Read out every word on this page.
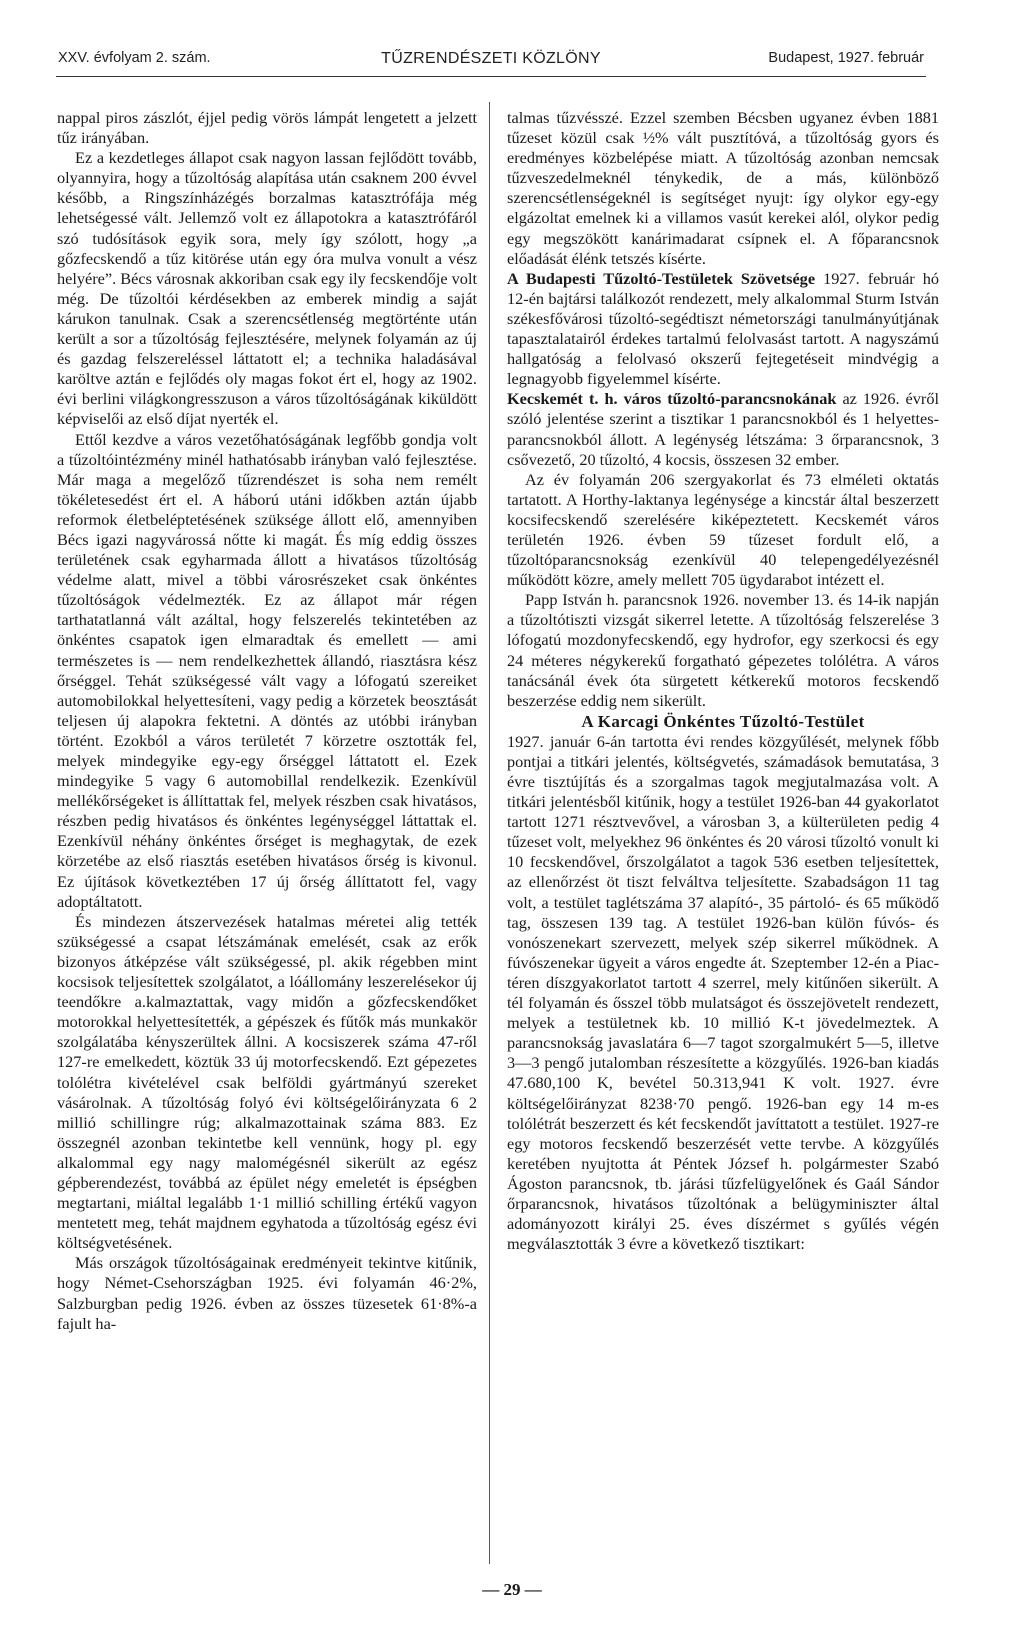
XXV. évfolyam 2. szám.	TŰZRENDÉSZETI KÖZLÖNY	Budapest, 1927. február

nappal piros zászlót, éjjel pedig vörös lámpát lengetett a jelzett tűz irányában.

Ez a kezdetleges állapot csak nagyon lassan fejlődött tovább, olyannyira, hogy a tűzoltóság alapítása után csaknem 200 évvel később, a Ringszínházégés borzalmas katasztrófája még lehetségessé vált. Jellemző volt ez állapotokra a katasztrófáról szó tudósítások egyik sora, mely így szólott, hogy „a gőzfecskendő a tűz kitörése után egy óra mulva vonult a vész helyére”. Bécs városnak akkoriban csak egy ily fecskendője volt még. De tűzoltói kérdésekben az emberek mindig a saját kárukon tanulnak. Csak a szerencsétlenség megtörténte után került a sor a tűzoltóság fejlesztésére, melynek folyamán az új és gazdag felszereléssel láttatott el; a technika haladásával karöltve aztán e fejlődés oly magas fokot ért el, hogy az 1902. évi berlini világkongresszuson a város tűzoltóságának kiküldött képviselői az első díjat nyerték el.

Ettől kezdve a város vezetőhatóságának legfőbb gondja volt a tűzoltóintézmény minél hathatósabb irányban való fejlesztése. Már maga a megelőző tűzrendészet is soha nem remélt tökéletesedést ért el. A háború utáni időkben aztán újabb reformok életbeléptetésének szüksége állott elő, amennyiben Bécs igazi nagyvárossá nőtte ki magát. És míg eddig összes területének csak egyharmada állott a hivatásos tűzoltóság védelme alatt, mivel a többi városrészeket csak önkéntes tűzoltóságok védelmezték. Ez az állapot már régen tarthatatlanná vált azáltal, hogy felszerelés tekintetében az önkéntes csapatok igen elmaradtak és emellett — ami természetes is — nem rendelkezhettek állandó, riasztásra kész őrséggel. Tehát szükségessé vált vagy a lófogatú szereiket automobilokkal helyettesíteni, vagy pedig a körzetek beosztását teljesen új alapokra fektetni. A döntés az utóbbi irányban történt. Ezokból a város területét 7 körzetre osztották fel, melyek mindegyike egy-egy őrséggel láttatott el. Ezek mindegyike 5 vagy 6 automobillal rendelkezik. Ezenkívül mellékőrségeket is állíttattak fel, melyek részben csak hivatásos, részben pedig hivatásos és önkéntes legénységgel láttattak el. Ezenkívül néhány önkéntes őrséget is meghagytak, de ezek körzetébe az első riasztás esetében hivatásos őrség is kivonul. Ez újítások következtében 17 új őrség állíttatott fel, vagy adoptáltatott.

És mindezen átszervezések hatalmas méretei alig tették szükségessé a csapat létszámának emelését, csak az erők bizonyos átképzése vált szükségessé, pl. akik régebben mint kocsisok teljesítettek szolgálatot, a lóállomány leszerelésekor új teendőkre a.kalmaztattak, vagy midőn a gőzfecskendőket motorokkal helyettesítették, a gépészek és fűtők más munkakör szolgálatába kényszerültek állni. A kocsiszerek száma 47-ről 127-re emelkedett, köztük 33 új motorfecskendő. Ezt gépezetes tolólétra kivételével csak belföldi gyártmányú szereket vásárolnak. A tűzoltóság folyó évi költségelőirányzata 6 2 millió schillingre rúg; alkalmazottainak száma 883. Ez összegnél azonban tekintetbe kell vennünk, hogy pl. egy alkalommal egy nagy malomégésnél sikerült az egész gépberendezést, továbbá az épület négy emeletét is épségben megtartani, miáltal legalább 1·1 millió schilling értékű vagyon mentetett meg, tehát majdnem egyhatoda a tűzoltóság egész évi költségvetésének.

Más országok tűzoltóságainak eredményeit tekintve kitűnik, hogy Német-Csehországban 1925. évi folyamán 46·2%, Salzburgban pedig 1926. évben az összes tüzesetek 61·8%-a fajult ha-

talmas tűzvésszé. Ezzel szemben Bécsben ugyanez évben 1881 tűzeset közül csak ½% vált pusztítóvá, a tűzoltóság gyors és eredményes közbelépése miatt. A tűzoltóság azonban nemcsak tűzveszedelmeknél ténykedik, de a más, különböző szerencsétlenségeknél is segítséget nyujt: így olykor egy-egy elgázoltat emelnek ki a villamos vasút kerekei alól, olykor pedig egy megszökött kanárimadarat csípnek el. A főparancsnok előadását élénk tetszés kísérte.

A Budapesti Tűzoltó-Testületek Szövetsége 1927. február hó 12-én bajtársi találkozót rendezett, mely alkalommal Sturm István székesfővárosi tűzoltó-segédtiszt németországi tanulmányútjának tapasztalatairól érdekes tartalmú felolvasást tartott. A nagyszámú hallgatóság a felolvasó okszerű fejtegetéseit mindvégig a legnagyobb figyelemmel kísérte.

Kecskemét t. h. város tűzoltó-parancsnokának az 1926. évről szóló jelentése szerint a tisztikar 1 parancsnokból és 1 helyettes-parancsnokból állott. A legénység létszáma: 3 őrparancsnok, 3 csővezető, 20 tűzoltó, 4 kocsis, összesen 32 ember.

Az év folyamán 206 szergyakorlat és 73 elméleti oktatás tartatott. A Horthy-laktanya legénysége a kincstár által beszerzett kocsifecskendő szerelésére kiképeztetett. Kecskemét város területén 1926. évben 59 tűzeset fordult elő, a tűzoltóparancsnokság ezenkívül 40 telepengedélyezésnél működött közre, amely mellett 705 ügydarabot intézett el.

Papp István h. parancsnok 1926. november 13. és 14-ik napján a tűzoltótiszti vizsgát sikerrel letette. A tűzoltóság felszerelése 3 lófogatú mozdonyfecskendő, egy hydrofor, egy szerkocsi és egy 24 méteres négykerekű forgatható gépezetes tolólétra. A város tanácsánál évek óta sürgetett kétkerekű motoros fecskendő beszerzése eddig nem sikerült.

A Karcagi Önkéntes Tűzoltó-Testület

1927. január 6-án tartotta évi rendes közgyűlését, melynek főbb pontjai a titkári jelentés, költségvetés, számadások bemutatása, 3 évre tisztújítás és a szorgalmas tagok megjutalmazása volt. A titkári jelentésből kitűnik, hogy a testület 1926-ban 44 gyakorlatot tartott 1271 résztvevővel, a városban 3, a külterületen pedig 4 tűzeset volt, melyekhez 96 önkéntes és 20 városi tűzoltó vonult ki 10 fecskendővel, őrszolgálatot a tagok 536 esetben teljesítettek, az ellenőrzést öt tiszt felváltva teljesítette. Szabadságon 11 tag volt, a testület taglétszáma 37 alapító-, 35 pártoló- és 65 működő tag, összesen 139 tag. A testület 1926-ban külön fúvós- és vonószenekart szervezett, melyek szép sikerrel működnek. A fúvószenekar ügyeit a város engedte át. Szeptember 12-én a Piac-téren díszgyakorlatot tartott 4 szerrel, mely kitűnően sikerült. A tél folyamán és ősszel több mulatságot és összejövetelt rendezett, melyek a testületnek kb. 10 millió K-t jövedelmeztek. A parancsnokság javaslatára 6—7 tagot szorgalmukért 5—5, illetve 3—3 pengő jutalomban részesítette a közgyűlés. 1926-ban kiadás 47.680,100 K, bevétel 50.313,941 K volt. 1927. évre költségelőirányzat 8238·70 pengő. 1926-ban egy 14 m-es tolólétrát beszerzett és két fecskendőt javíttatott a testület. 1927-re egy motoros fecskendő beszerzését vette tervbe. A közgyűlés keretében nyujtotta át Péntek József h. polgármester Szabó Ágoston parancsnok, tb. járási tűzfelügyelőnek és Gaál Sándor őrparancsnok, hivatásos tűzoltónak a belügyminiszter által adományozott királyi 25. éves díszérmet s gyűlés végén megválasztották 3 évre a következő tisztikart:

— 29 —
